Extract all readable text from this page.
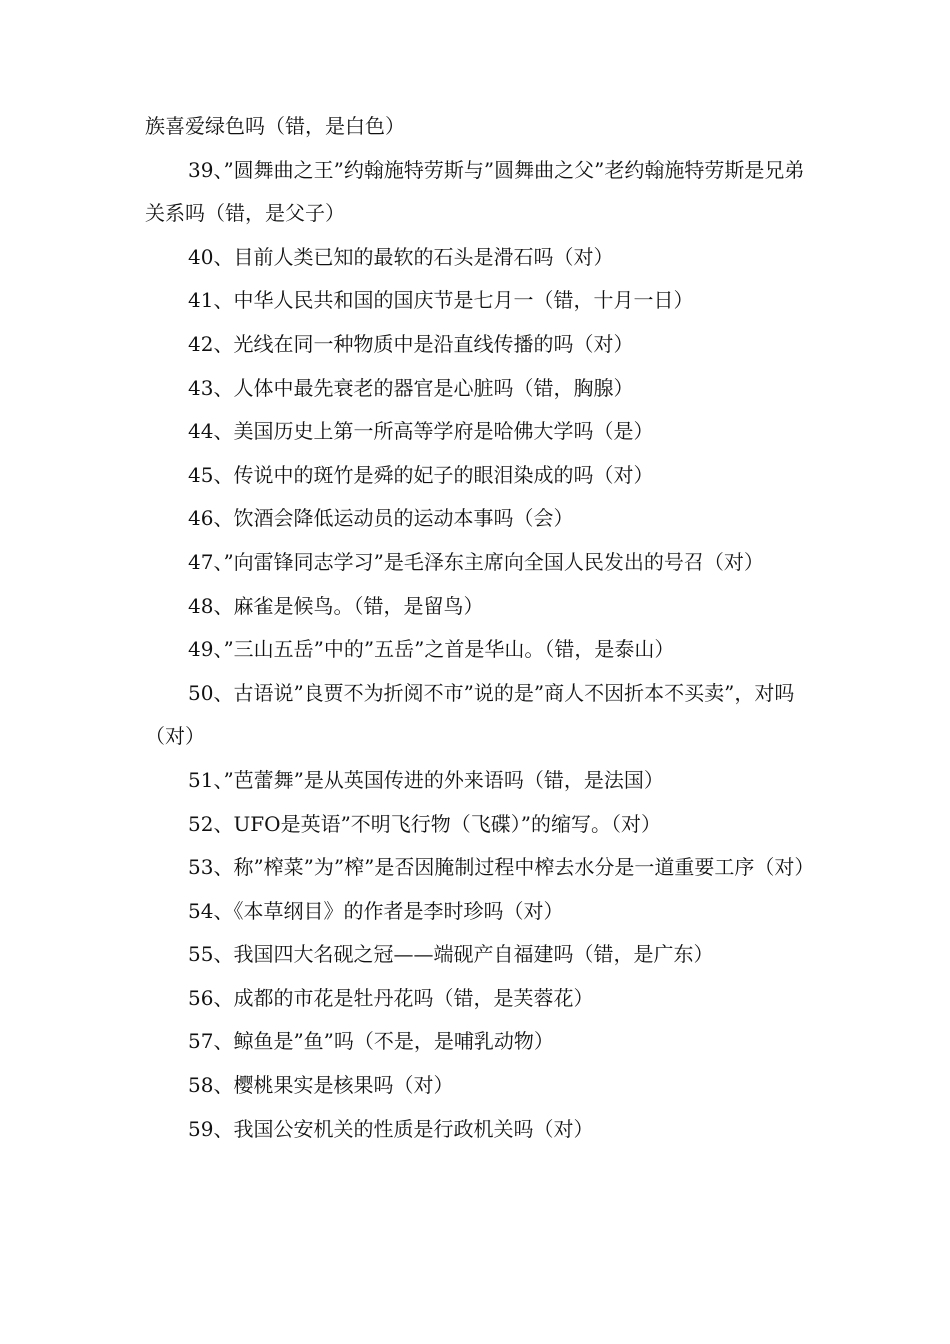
族喜爱绿色吗（错，是白色）

39、”圆舞曲之王”约翰施特劳斯与”圆舞曲之父”老约翰施特劳斯是兄弟关系吗（错，是父子）

40、目前人类已知的最软的石头是滑石吗（对）

41、中华人民共和国的国庆节是七月一（错，十月一日）

42、光线在同一种物质中是沿直线传播的吗（对）

43、人体中最先衰老的器官是心脏吗（错，胸腺）

44、美国历史上第一所高等学府是哈佛大学吗（是）

45、传说中的斑竹是舜的妃子的眼泪染成的吗（对）

46、饮酒会降低运动员的运动本事吗（会）

47、”向雷锋同志学习”是毛泽东主席向全国人民发出的号召（对）

48、麻雀是候鸟。（错，是留鸟）

49、”三山五岳”中的”五岳”之首是华山。（错，是泰山）

50、古语说”良贾不为折阅不市”说的是”商人不因折本不买卖”，对吗（对）

51、”芭蕾舞”是从英国传进的外来语吗（错，是法国）

52、UFO是英语”不明飞行物（飞碟）”的缩写。（对）

53、称”榨菜”为”榨”是否因腌制过程中榨去水分是一道重要工序（对）

54、《本草纲目》的作者是李时珍吗（对）

55、我国四大名砚之冠——端砚产自福建吗（错，是广东）

56、成都的市花是牡丹花吗（错，是芙蓉花）

57、鲸鱼是”鱼”吗（不是，是哺乳动物）

58、樱桃果实是核果吗（对）

59、我国公安机关的性质是行政机关吗（对）
